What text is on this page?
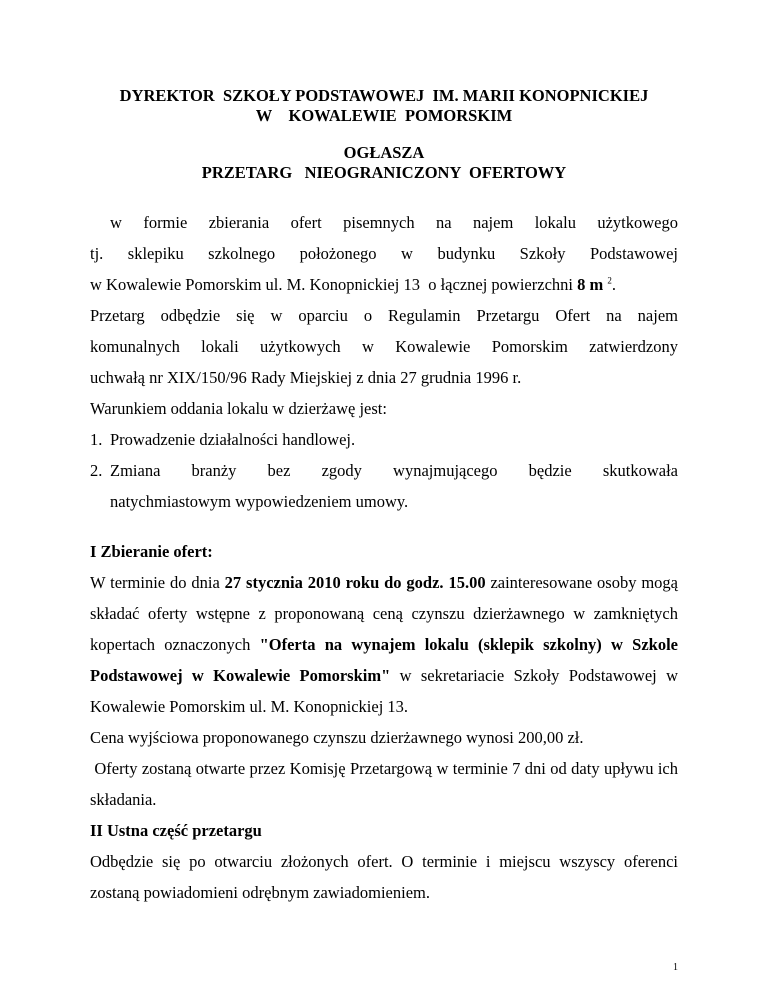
DYREKTOR  SZKOŁY PODSTAWOWEJ  IM. MARII KONOPNICKIEJ
W    KOWALEWIE  POMORSKIM
OGŁASZA
PRZETARG   NIEOGRANICZONY  OFERTOWY
w formie zbierania ofert pisemnych na najem lokalu użytkowego
tj. sklepiku szkolnego położonego w budynku Szkoły Podstawowej
w Kowalewie Pomorskim ul. M. Konopnickiej 13  o łącznej powierzchni 8 m $^2$.
Przetarg odbędzie się w oparciu o Regulamin Przetargu Ofert na najem
komunalnych lokali użytkowych w Kowalewie Pomorskim zatwierdzony
uchwałą nr XIX/150/96 Rady Miejskiej z dnia 27 grudnia 1996 r.
Warunkiem oddania lokalu w dzierżawę jest:
1. Prowadzenie działalności handlowej.
2. Zmiana branży bez zgody wynajmującego będzie skutkowała
natychmiastowym wypowiedzeniem umowy.
I Zbieranie ofert:
W terminie do dnia 27 stycznia 2010 roku do godz. 15.00 zainteresowane osoby mogą składać oferty wstępne z proponowaną ceną czynszu dzierżawnego w zamkniętych kopertach oznaczonych "Oferta na wynajem lokalu (sklepik szkolny) w Szkole Podstawowej w Kowalewie Pomorskim" w sekretariacie Szkoły Podstawowej w Kowalewie Pomorskim ul. M. Konopnickiej 13.
Cena wyjściowa proponowanego czynszu dzierżawnego wynosi 200,00 zł.
Oferty zostaną otwarte przez Komisję Przetargową w terminie 7 dni od daty upływu ich składania.
II Ustna część przetargu
Odbędzie się po otwarciu złożonych ofert. O terminie i miejscu wszyscy oferenci zostaną powiadomieni odrębnym zawiadomieniem.
1
